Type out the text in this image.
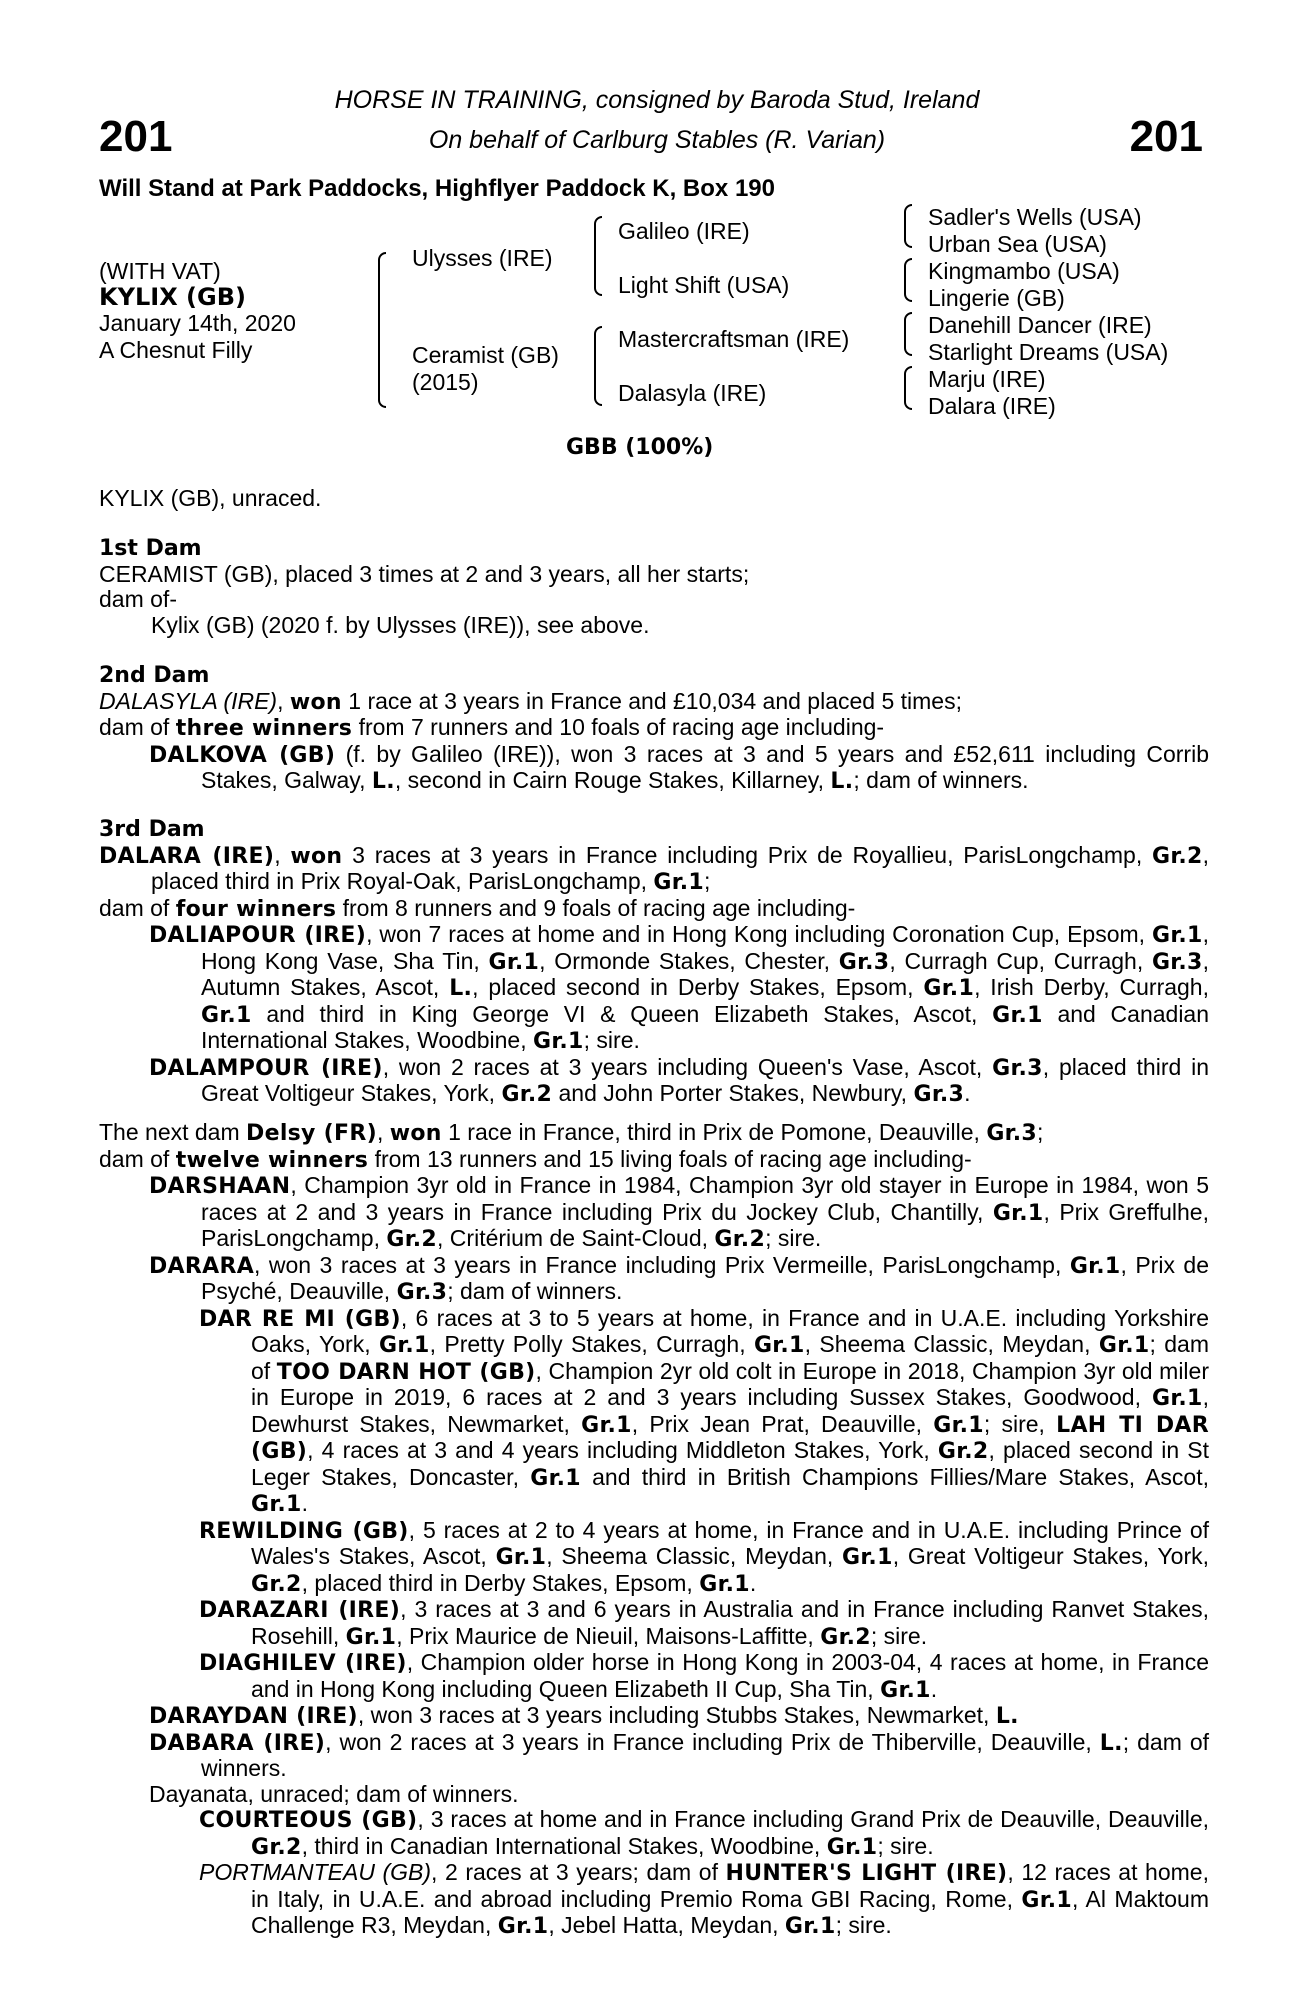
201	201
HORSE IN TRAINING, consigned by Baroda Stud, Ireland
On behalf of Carlburg Stables (R. Varian)
Will Stand at Park Paddocks, Highflyer Paddock K, Box 190
(WITH VAT)
KYLIX (GB)
January 14th, 2020
A Chesnut Filly
Ulysses (IRE)
Ceramist (GB)
(2015)
Galileo (IRE)
Light Shift (USA)
Mastercraftsman (IRE)
Dalasyla (IRE)
Sadler's Wells (USA)
Urban Sea (USA)
Kingmambo (USA)
Lingerie (GB)
Danehill Dancer (IRE)
Starlight Dreams (USA)
Marju (IRE)
Dalara (IRE)
GBB (100%)
KYLIX (GB), unraced.

1st Dam

CERAMIST (GB), placed 3 times at 2 and 3 years, all her starts;

dam of-

Kylix (GB) (2020 f. by Ulysses (IRE)), see above.

2nd Dam

DALASYLA (IRE), won 1 race at 3 years in France and £10,034 and placed 5 times;

dam of three winners from 7 runners and 10 foals of racing age including-

DALKOVA (GB) (f. by Galileo (IRE)), won 3 races at 3 and 5 years and £52,611 including Corrib Stakes, Galway, L., second in Cairn Rouge Stakes, Killarney, L.; dam of winners.

3rd Dam

DALARA (IRE), won 3 races at 3 years in France including Prix de Royallieu, ParisLongchamp, Gr.2, placed third in Prix Royal-Oak, ParisLongchamp, Gr.1;

dam of four winners from 8 runners and 9 foals of racing age including-

DALIAPOUR (IRE), won 7 races at home and in Hong Kong including Coronation Cup, Epsom, Gr.1, Hong Kong Vase, Sha Tin, Gr.1, Ormonde Stakes, Chester, Gr.3, Curragh Cup, Curragh, Gr.3, Autumn Stakes, Ascot, L., placed second in Derby Stakes, Epsom, Gr.1, Irish Derby, Curragh, Gr.1 and third in King George VI & Queen Elizabeth Stakes, Ascot, Gr.1 and Canadian International Stakes, Woodbine, Gr.1; sire.

DALAMPOUR (IRE), won 2 races at 3 years including Queen's Vase, Ascot, Gr.3, placed third in Great Voltigeur Stakes, York, Gr.2 and John Porter Stakes, Newbury, Gr.3.

The next dam Delsy (FR), won 1 race in France, third in Prix de Pomone, Deauville, Gr.3;

dam of twelve winners from 13 runners and 15 living foals of racing age including-

DARSHAAN, Champion 3yr old in France in 1984, Champion 3yr old stayer in Europe in 1984, won 5 races at 2 and 3 years in France including Prix du Jockey Club, Chantilly, Gr.1, Prix Greffulhe, ParisLongchamp, Gr.2, Critérium de Saint-Cloud, Gr.2; sire.

DARARA, won 3 races at 3 years in France including Prix Vermeille, ParisLongchamp, Gr.1, Prix de Psyché, Deauville, Gr.3; dam of winners.

DAR RE MI (GB), 6 races at 3 to 5 years at home, in France and in U.A.E. including Yorkshire Oaks, York, Gr.1, Pretty Polly Stakes, Curragh, Gr.1, Sheema Classic, Meydan, Gr.1; dam of TOO DARN HOT (GB), Champion 2yr old colt in Europe in 2018, Champion 3yr old miler in Europe in 2019, 6 races at 2 and 3 years including Sussex Stakes, Goodwood, Gr.1, Dewhurst Stakes, Newmarket, Gr.1, Prix Jean Prat, Deauville, Gr.1; sire, LAH TI DAR (GB), 4 races at 3 and 4 years including Middleton Stakes, York, Gr.2, placed second in St Leger Stakes, Doncaster, Gr.1 and third in British Champions Fillies/Mare Stakes, Ascot, Gr.1.

REWILDING (GB), 5 races at 2 to 4 years at home, in France and in U.A.E. including Prince of Wales's Stakes, Ascot, Gr.1, Sheema Classic, Meydan, Gr.1, Great Voltigeur Stakes, York, Gr.2, placed third in Derby Stakes, Epsom, Gr.1.

DARAZARI (IRE), 3 races at 3 and 6 years in Australia and in France including Ranvet Stakes, Rosehill, Gr.1, Prix Maurice de Nieuil, Maisons-Laffitte, Gr.2; sire.

DIAGHILEV (IRE), Champion older horse in Hong Kong in 2003-04, 4 races at home, in France and in Hong Kong including Queen Elizabeth II Cup, Sha Tin, Gr.1.

DARAYDAN (IRE), won 3 races at 3 years including Stubbs Stakes, Newmarket, L.

DABARA (IRE), won 2 races at 3 years in France including Prix de Thiberville, Deauville, L.; dam of winners.

Dayanata, unraced; dam of winners.

COURTEOUS (GB), 3 races at home and in France including Grand Prix de Deauville, Deauville, Gr.2, third in Canadian International Stakes, Woodbine, Gr.1; sire.

PORTMANTEAU (GB), 2 races at 3 years; dam of HUNTER'S LIGHT (IRE), 12 races at home, in Italy, in U.A.E. and abroad including Premio Roma GBI Racing, Rome, Gr.1, Al Maktoum Challenge R3, Meydan, Gr.1, Jebel Hatta, Meydan, Gr.1; sire.
